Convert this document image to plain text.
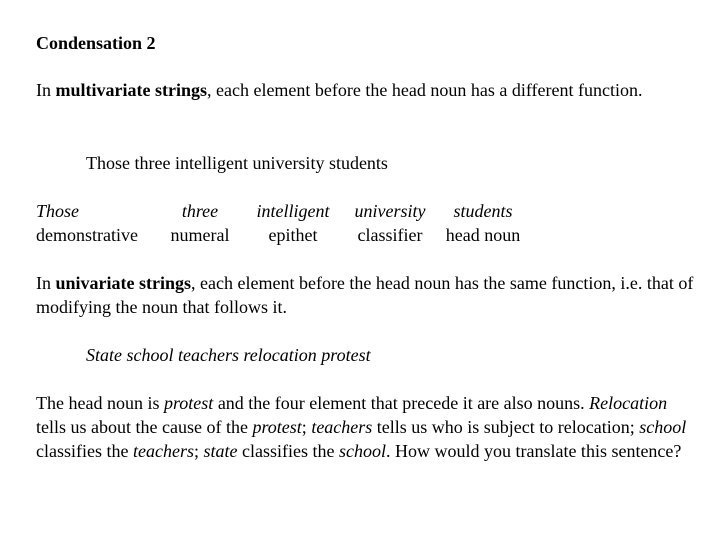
Condensation 2

In multivariate strings, each element before the head noun has a different function.

Those three intelligent university students
Those
demonstrative
three
numeral
intelligent
epithet
university
classifier
students
head noun

In univariate strings, each element before the head noun has the same function, i.e. that of modifying the noun that follows it.

State school teachers relocation protest

The head noun is protest and the four element that precede it are also nouns. Relocation tells us about the cause of the protest; teachers tells us who is subject to relocation; school classifies the teachers; state classifies the school. How would you translate this sentence?
